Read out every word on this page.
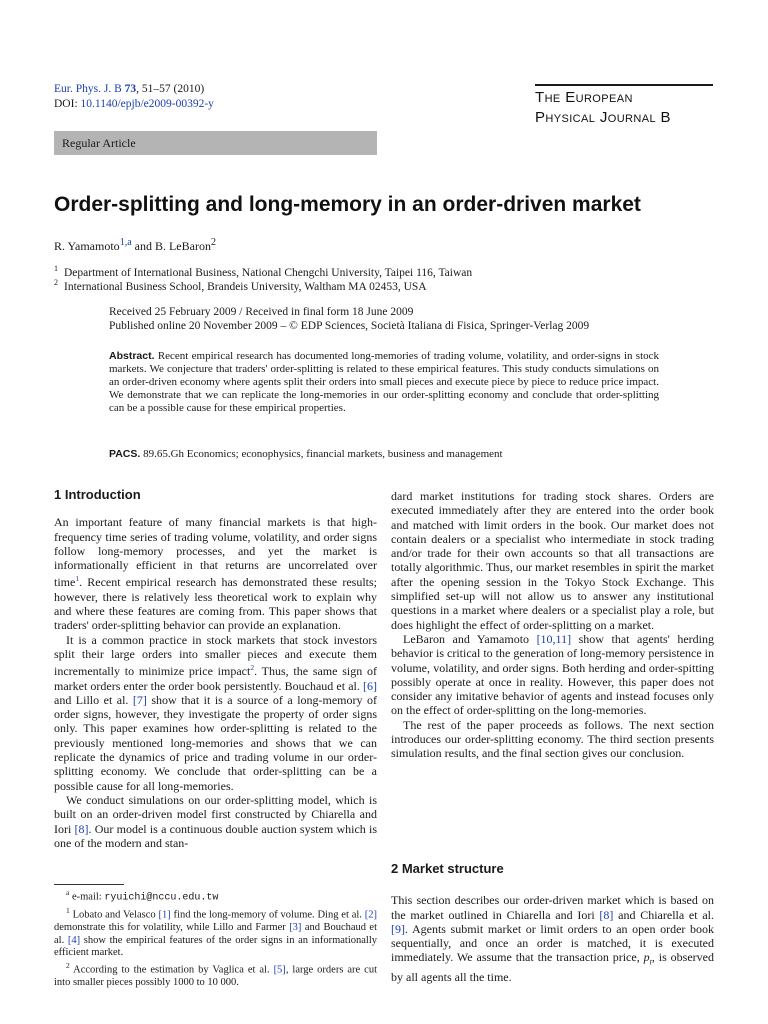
Eur. Phys. J. B 73, 51–57 (2010)
DOI: 10.1140/epjb/e2009-00392-y	The European
Physical Journal B
Regular Article
Order-splitting and long-memory in an order-driven market
R. Yamamoto$^{1,a}$ and B. LeBaron$^2$
$^1$ Department of International Business, National Chengchi University, Taipei 116, Taiwan
$^2$ International Business School, Brandeis University, Waltham MA 02453, USA
Received 25 February 2009 / Received in final form 18 June 2009
Published online 20 November 2009 – © EDP Sciences, Società Italiana di Fisica, Springer-Verlag 2009
Abstract. Recent empirical research has documented long-memories of trading volume, volatility, and order-signs in stock markets. We conjecture that traders' order-splitting is related to these empirical features. This study conducts simulations on an order-driven economy where agents split their orders into small pieces and execute piece by piece to reduce price impact. We demonstrate that we can replicate the long-memories in our order-splitting economy and conclude that order-splitting can be a possible cause for these empirical properties.
PACS. 89.65.Gh Economics; econophysics, financial markets, business and management
1 Introduction

An important feature of many financial markets is that high-frequency time series of trading volume, volatility, and order signs follow long-memory processes, and yet the market is informationally efficient in that returns are uncorrelated over time$^1$. Recent empirical research has demonstrated these results; however, there is relatively less theoretical work to explain why and where these features are coming from. This paper shows that traders' order-splitting behavior can provide an explanation.

It is a common practice in stock markets that stock investors split their large orders into smaller pieces and execute them incrementally to minimize price impact$^2$. Thus, the same sign of market orders enter the order book persistently. Bouchaud et al. [6] and Lillo et al. [7] show that it is a source of a long-memory of order signs, however, they investigate the property of order signs only. This paper examines how order-splitting is related to the previously mentioned long-memories and shows that we can replicate the dynamics of price and trading volume in our order-splitting economy. We conclude that order-splitting can be a possible cause for all long-memories.

We conduct simulations on our order-splitting model, which is built on an order-driven model first constructed by Chiarella and Iori [8]. Our model is a continuous double auction system which is one of the modern and stan-

$^a$ e-mail: ryuichi@nccu.edu.tw

$^1$ Lobato and Velasco [1] find the long-memory of volume. Ding et al. [2] demonstrate this for volatility, while Lillo and Farmer [3] and Bouchaud et al. [4] show the empirical features of the order signs in an informationally efficient market.

$^2$ According to the estimation by Vaglica et al. [5], large orders are cut into smaller pieces possibly 1000 to 10 000.

dard market institutions for trading stock shares. Orders are executed immediately after they are entered into the order book and matched with limit orders in the book. Our market does not contain dealers or a specialist who intermediate in stock trading and/or trade for their own accounts so that all transactions are totally algorithmic. Thus, our market resembles in spirit the market after the opening session in the Tokyo Stock Exchange. This simplified set-up will not allow us to answer any institutional questions in a market where dealers or a specialist play a role, but does highlight the effect of order-splitting on a market.

LeBaron and Yamamoto [10,11] show that agents' herding behavior is critical to the generation of long-memory persistence in volume, volatility, and order signs. Both herding and order-spitting possibly operate at once in reality. However, this paper does not consider any imitative behavior of agents and instead focuses only on the effect of order-splitting on the long-memories.

The rest of the paper proceeds as follows. The next section introduces our order-splitting economy. The third section presents simulation results, and the final section gives our conclusion.

2 Market structure

This section describes our order-driven market which is based on the market outlined in Chiarella and Iori [8] and Chiarella et al. [9]. Agents submit market or limit orders to an open order book sequentially, and once an order is matched, it is executed immediately. We assume that the transaction price, $p_t$, is observed by all agents all the time.
